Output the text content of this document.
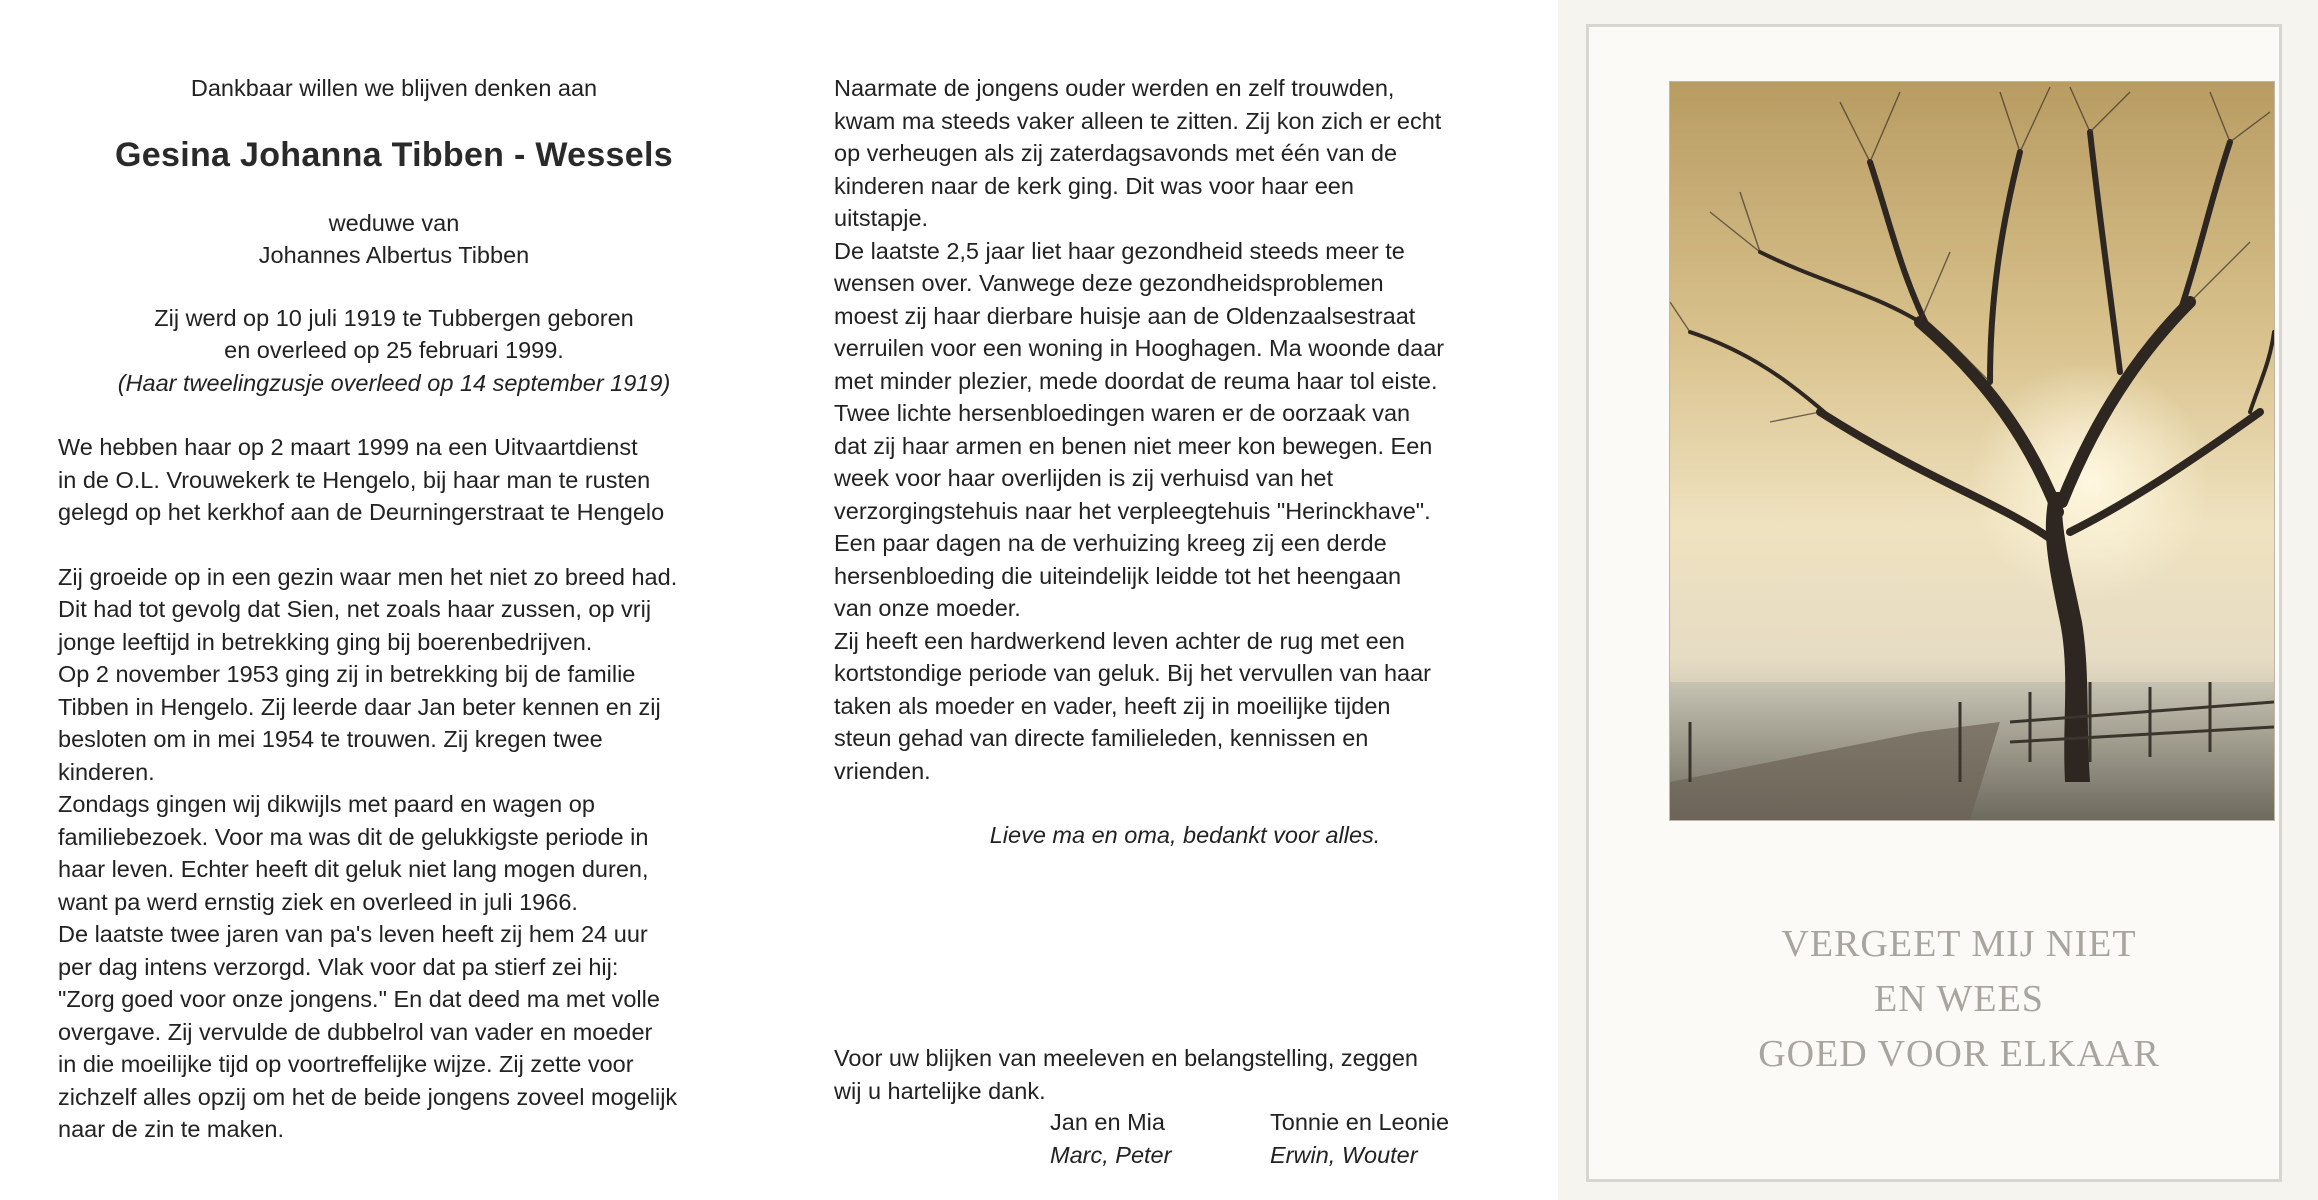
Dankbaar willen we blijven denken aan
Gesina Johanna Tibben - Wessels
weduwe van
Johannes Albertus Tibben
Zij werd op 10 juli 1919 te Tubbergen geboren
en overleed op 25 februari 1999.
(Haar tweelingzusje overleed op 14 september 1919)
We hebben haar op 2 maart 1999 na een Uitvaartdienst
in de O.L. Vrouwekerk te Hengelo, bij haar man te rusten
gelegd op het kerkhof aan de Deurningerstraat te Hengelo
Zij groeide op in een gezin waar men het niet zo breed had.
Dit had tot gevolg dat Sien, net zoals haar zussen, op vrij
jonge leeftijd in betrekking ging bij boerenbedrijven.
Op 2 november 1953 ging zij in betrekking bij de familie
Tibben in Hengelo. Zij leerde daar Jan beter kennen en zij
besloten om in mei 1954 te trouwen. Zij kregen twee
kinderen.
Zondags gingen wij dikwijls met paard en wagen op
familiebezoek. Voor ma was dit de gelukkigste periode in
haar leven. Echter heeft dit geluk niet lang mogen duren,
want pa werd ernstig ziek en overleed in juli 1966.
De laatste twee jaren van pa's leven heeft zij hem 24 uur
per dag intens verzorgd. Vlak voor dat pa stierf zei hij:
"Zorg goed voor onze jongens." En dat deed ma met volle
overgave. Zij vervulde de dubbelrol van vader en moeder
in die moeilijke tijd op voortreffelijke wijze. Zij zette voor
zichzelf alles opzij om het de beide jongens zoveel mogelijk
naar de zin te maken.
Naarmate de jongens ouder werden en zelf trouwden,
kwam ma steeds vaker alleen te zitten. Zij kon zich er echt
op verheugen als zij zaterdagsavonds met één van de
kinderen naar de kerk ging. Dit was voor haar een
uitstapje.
De laatste 2,5 jaar liet haar gezondheid steeds meer te
wensen over. Vanwege deze gezondheidsproblemen
moest zij haar dierbare huisje aan de Oldenzaalsestraat
verruilen voor een woning in Hooghagen. Ma woonde daar
met minder plezier, mede doordat de reuma haar tol eiste.
Twee lichte hersenbloedingen waren er de oorzaak van
dat zij haar armen en benen niet meer kon bewegen. Een
week voor haar overlijden is zij verhuisd van het
verzorgingstehuis naar het verpleegtehuis "Herinckhave".
Een paar dagen na de verhuizing kreeg zij een derde
hersenbloeding die uiteindelijk leidde tot het heengaan
van onze moeder.
Zij heeft een hardwerkend leven achter de rug met een
kortstondige periode van geluk. Bij het vervullen van haar
taken als moeder en vader, heeft zij in moeilijke tijden
steun gehad van directe familieleden, kennissen en
vrienden.
Lieve ma en oma, bedankt voor alles.
Voor uw blijken van meeleven en belangstelling, zeggen
wij u hartelijke dank.
Jan en Mia
Marc, Peter
Tonnie en Leonie
Erwin, Wouter
VERGEET MIJ NIET
EN WEES
GOED VOOR ELKAAR
